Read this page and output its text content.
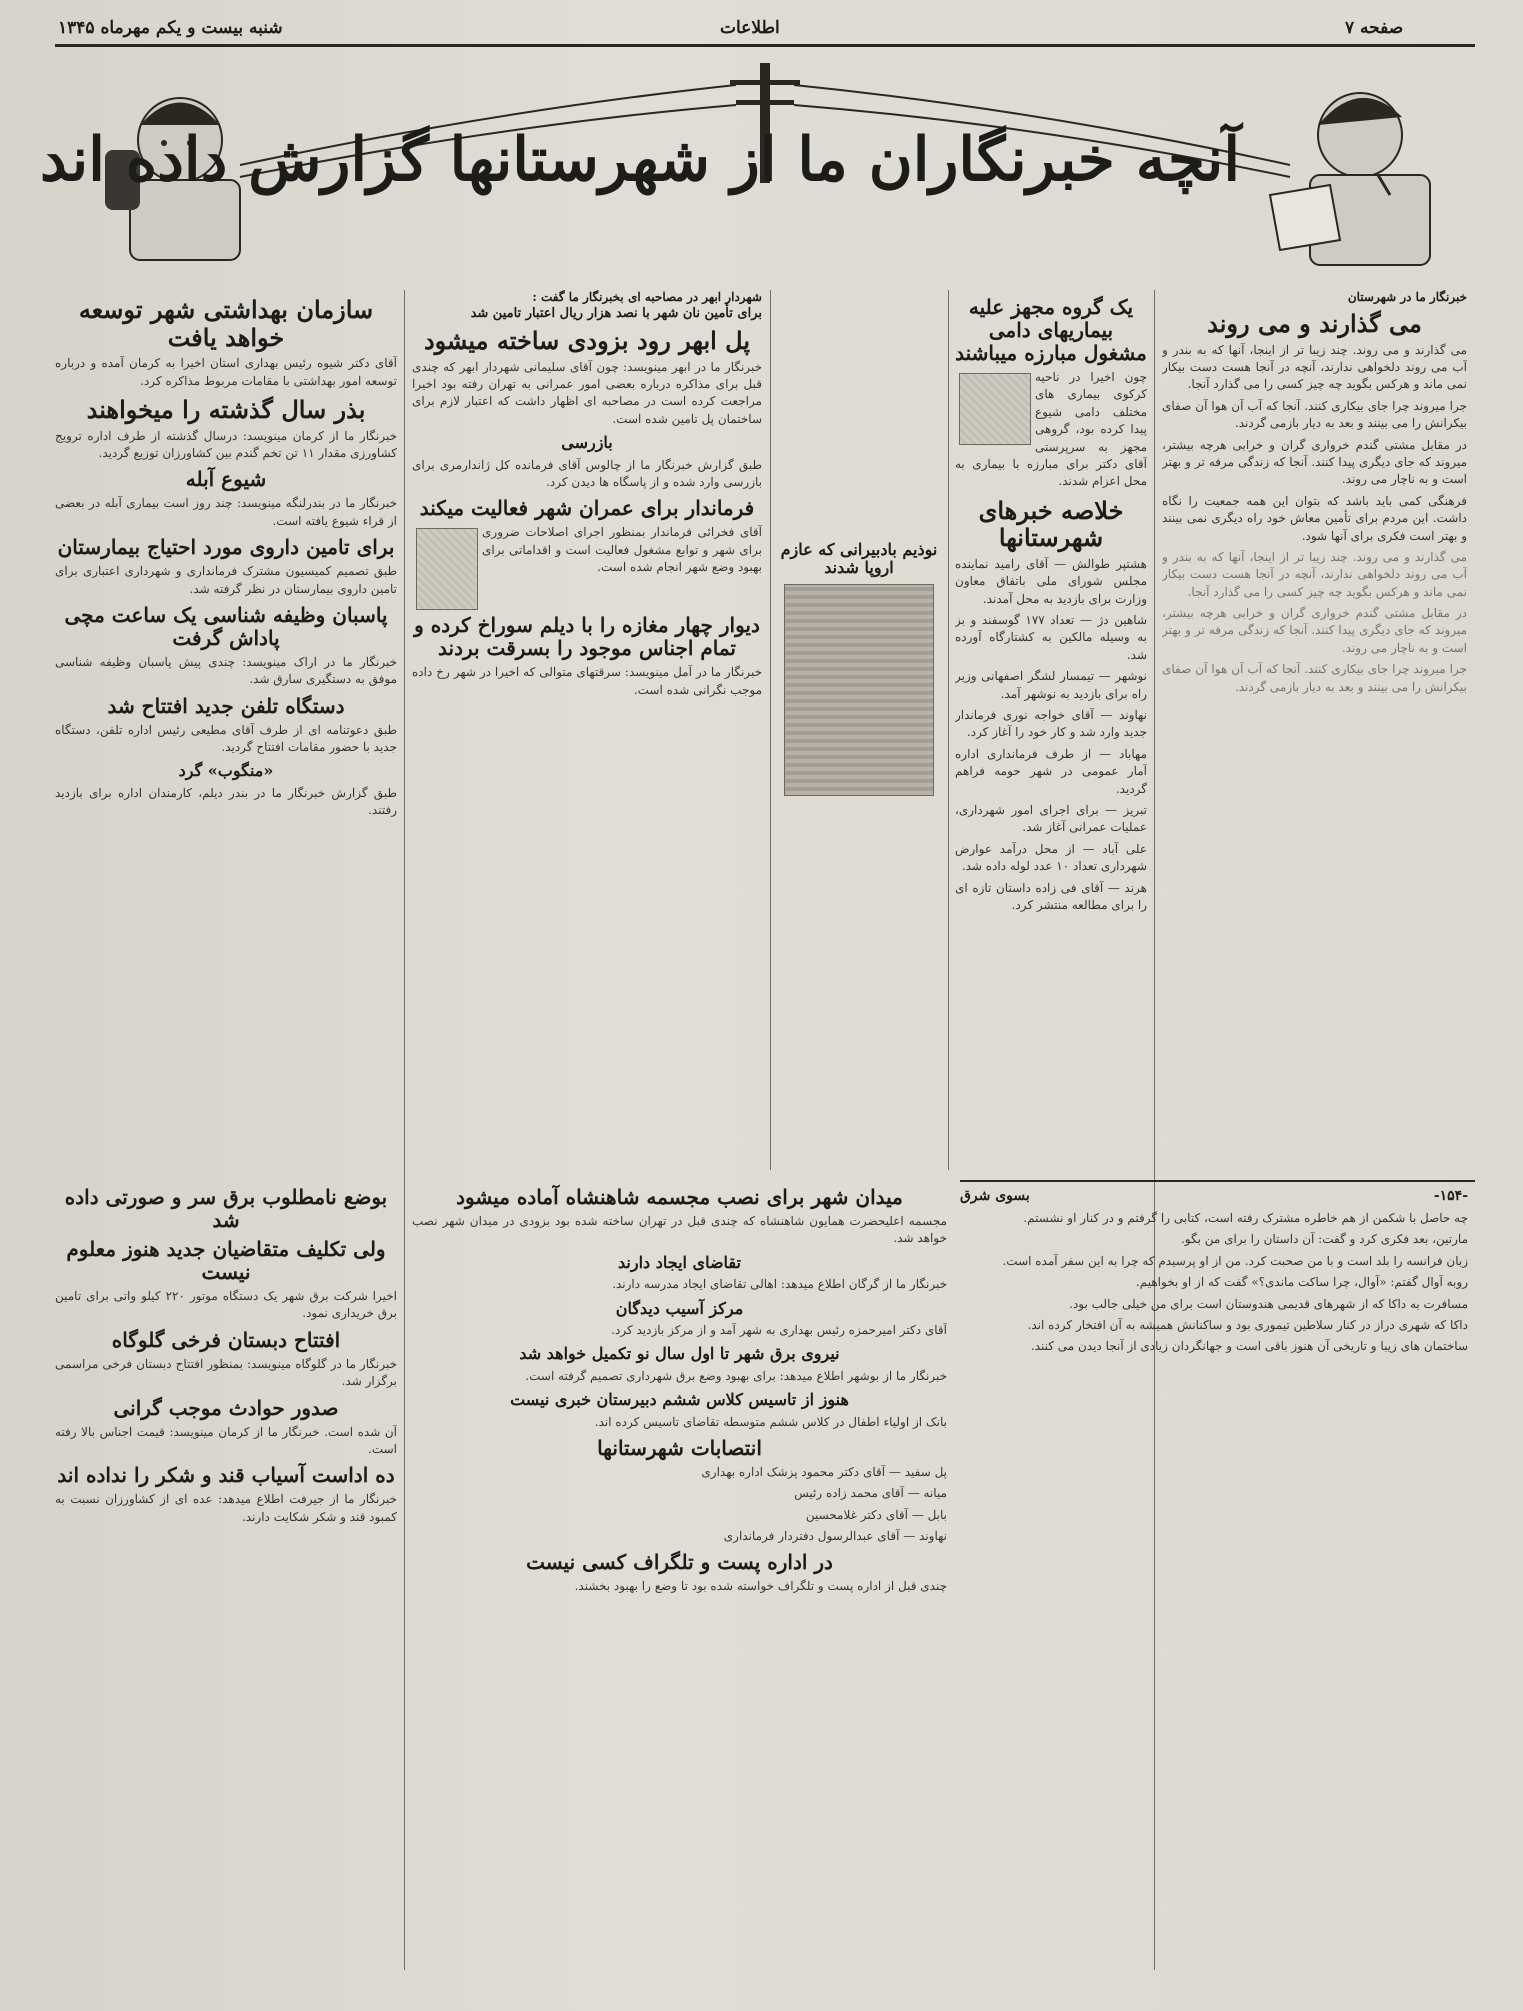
صفحه ۷
اطلاعات
شنبه بیست و یکم مهرماه ۱۳۴۵
آنچه خبرنگاران ما از شهرستانها گزارش داده اند
خبرنگار ما در شهرستان
می گذارند و می روند

می گذارند و می روند. چند زیبا تر از اینجا، آنها که به بندر و آب می روند دلخواهی ندارند، آنچه در آنجا هست دست بیکار نمی ماند و هرکس بگوید چه چیز کسی را می گذارد آنجا.

جرا میروند چرا جای بیکاری کنند. آنجا که آب آن هوا آن صفای بیکرانش را می بینند و بعد به دیار بازمی گردند.

در مقابل مشتی گندم خرواری گران و خرابی هرچه بیشتر، میروند که جای دیگری پیدا کنند. آنجا که زندگی مرفه تر و بهتر است و به ناچار می روند.

فرهنگی کمی باید باشد که بتوان این همه جمعیت را نگاه داشت. این مردم برای تأمین معاش خود راه دیگری نمی بینند و بهتر است فکری برای آنها شود.

می گذارند و می روند. چند زیبا تر از اینجا، آنها که به بندر و آب می روند دلخواهی ندارند، آنچه در آنجا هست دست بیکار نمی ماند و هرکس بگوید چه چیز کسی را می گذارد آنجا.

در مقابل مشتی گندم خرواری گران و خرابی هرچه بیشتر، میروند که جای دیگری پیدا کنند. آنجا که زندگی مرفه تر و بهتر است و به ناچار می روند.

جرا میروند چرا جای بیکاری کنند. آنجا که آب آن هوا آن صفای بیکرانش را می بینند و بعد به دیار بازمی گردند.

یک گروه مجهز علیه بیماریهای دامی مشغول مبارزه میباشند

چون اخیرا در ناحیه کرکوی بیماری های مختلف دامی شیوع پیدا کرده بود، گروهی مجهز به سرپرستی آقای دکتر برای مبارزه با بیماری به محل اعزام شدند.

خلاصه خبرهای شهرستانها

هشتپر طوالش — آقای رامید نماینده مجلس شورای ملی باتفاق معاون وزارت برای بازدید به محل آمدند.

شاهین دژ — تعداد ۱۷۷ گوسفند و بز به وسیله مالکین به کشتارگاه آورده شد.

نوشهر — تیمسار لشگر اصفهانی وزیر راه برای بازدید به نوشهر آمد.

نهاوند — آقای خواجه نوری فرماندار جدید وارد شد و کار خود را آغاز کرد.

مهاباد — از طرف فرمانداری اداره آمار عمومی در شهر حومه فراهم گردید.

تبریز — برای اجرای امور شهرداری، عملیات عمرانی آغاز شد.

علی آباد — از محل درآمد عوارض شهرداری تعداد ۱۰ عدد لوله داده شد.

هرند — آقای فی زاده داستان تازه ای را برای مطالعه منتشر کرد.

شهردار ابهر در مصاحبه ای بخبرنگار ما گفت :
برای تأمین نان شهر با نصد هزار ریال اعتبار تامین شد
پل ابهر رود بزودی ساخته میشود

خبرنگار ما در ابهر مینویسد: چون آقای سلیمانی شهردار ابهر که چندی قبل برای مذاکره درباره بعضی امور عمرانی به تهران رفته بود اخیرا مراجعت کرده است در مصاحبه ای اظهار داشت که اعتبار لازم برای ساختمان پل تامین شده است.

بازرسی

طبق گزارش خبرنگار ما از چالوس آقای فرمانده کل ژاندارمری برای بازرسی وارد شده و از پاسگاه ها دیدن کرد.

فرماندار برای عمران شهر فعالیت میکند

آقای فخرائی فرماندار بمنظور اجرای اصلاحات ضروری برای شهر و توابع مشغول فعالیت است و اقداماتی برای بهبود وضع شهر انجام شده است.

دیوار چهار مغازه را با دیلم سوراخ کرده و تمام اجناس موجود را بسرقت بردند

خبرنگار ما در آمل مینویسد: سرقتهای متوالی که اخیرا در شهر رخ داده موجب نگرانی شده است.

نوذیم بادبیرانی که عازم اروپا شدند
سازمان بهداشتی شهر توسعه خواهد یافت

آقای دکتر شیوه رئیس بهداری استان اخیرا به کرمان آمده و درباره توسعه امور بهداشتی با مقامات مربوط مذاکره کرد.

بذر سال گذشته را میخواهند

خبرنگار ما از کرمان مینویسد: درسال گذشته از طرف اداره ترویج کشاورزی مقدار ۱۱ تن تخم گندم بین کشاورزان توزیع گردید.

شیوع آبله

خبرنگار ما در بندرلنگه مینویسد: چند روز است بیماری آبله در بعضی از قراء شیوع یافته است.

برای تامین داروی مورد احتیاج بیمارستان

طبق تصمیم کمیسیون مشترک فرمانداری و شهرداری اعتباری برای تامین داروی بیمارستان در نظر گرفته شد.

پاسبان وظیفه شناسی یک ساعت مچی پاداش گرفت

خبرنگار ما در اراک مینویسد: چندی پیش پاسبان وظیفه شناسی موفق به دستگیری سارق شد.

دستگاه تلفن جدید افتتاح شد

طبق دعوتنامه ای از طرف آقای مطیعی رئیس اداره تلفن، دستگاه جدید با حضور مقامات افتتاح گردید.

«منگوب» گرد

طبق گزارش خبرنگار ما در بندر دیلم، کارمندان اداره برای بازدید رفتند.

بوضع نامطلوب برق سر و صورتی داده شد
ولی تکلیف متقاضیان جدید هنوز معلوم نیست

اخیرا شرکت برق شهر یک دستگاه موتور ۲۲۰ کیلو واتی برای تامین برق خریداری نمود.

افتتاح دبستان فرخی گلوگاه

خبرنگار ما در گلوگاه مینویسد: بمنظور افتتاح دبستان فرخی مراسمی برگزار شد.

صدور حوادث موجب گرانی

آن شده است. خبرنگار ما از کرمان مینویسد: قیمت اجناس بالا رفته است.

ده اداست آسیاب قند و شکر را نداده اند

خبرنگار ما از جیرفت اطلاع میدهد: عده ای از کشاورزان نسبت به کمبود قند و شکر شکایت دارند.

میدان شهر برای نصب مجسمه شاهنشاه آماده میشود

مجسمه اعلیحضرت همایون شاهنشاه که چندی قبل در تهران ساخته شده بود بزودی در میدان شهر نصب خواهد شد.

تقاضای ایجاد دارند

خبرنگار ما از گرگان اطلاع میدهد: اهالی تقاضای ایجاد مدرسه دارند.

مرکز آسیب دیدگان

آقای دکتر امیرحمزه رئیس بهداری به شهر آمد و از مرکز بازدید کرد.

نیروی برق شهر تا اول سال نو تکمیل خواهد شد

خبرنگار ما از بوشهر اطلاع میدهد: برای بهبود وضع برق شهرداری تصمیم گرفته است.

هنوز از تاسیس کلاس ششم دبیرستان خبری نیست

بانک از اولیاء اطفال در کلاس ششم متوسطه تقاضای تاسیس کرده اند.

انتصابات شهرستانها

پل سفید — آقای دکتر محمود پزشک اداره بهداری

میانه — آقای محمد زاده رئیس

بابل — آقای دکتر غلامحسین

نهاوند — آقای عبدالرسول دفتردار فرمانداری

در اداره پست و تلگراف کسی نیست

چندی قبل از اداره پست و تلگراف خواسته شده بود تا وضع را بهبود بخشند.

-۱۵۴-
بسوی شرق

چه حاصل با شکمن از هم خاطره مشترک رفته است، کتابی را گرفتم و در کنار او نشستم.

مارتین، بعد فکری کرد و گفت: آن داستان را برای من بگو.

زبان فرانسه را بلد است و با من صحبت کرد. من از او پرسیدم که چرا به این سفر آمده است.

روبه آوال گفتم: «آوال، چرا ساکت ماندی؟» گفت که از او بخواهیم.

مسافرت به داکا که از شهرهای قدیمی هندوستان است برای من خیلی جالب بود.

داکا که شهری دراز در کنار سلاطین تیموری بود و ساکنانش همیشه به آن افتخار کرده اند.

ساختمان های زیبا و تاریخی آن هنوز باقی است و جهانگردان زیادی از آنجا دیدن می کنند.
